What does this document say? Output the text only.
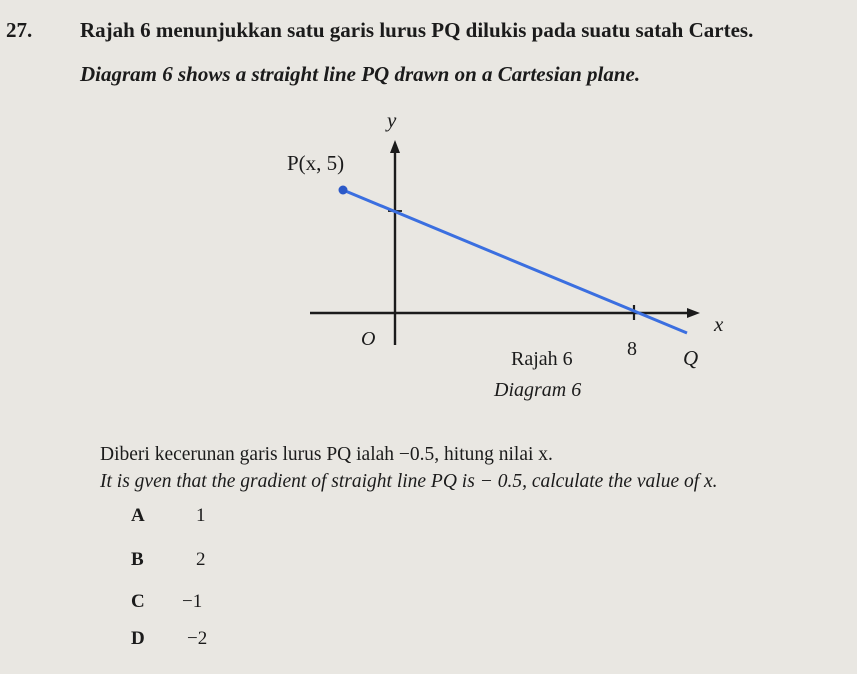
27. Rajah 6 menunjukkan satu garis lurus PQ dilukis pada suatu satah Cartes.
Diagram 6 shows a straight line PQ drawn on a Cartesian plane.
y
P(x, 5)
x
O	8 Q
Rajah 6
Diagram 6
Diberi kecerunan garis lurus PQ ialah −0.5, hitung nilai x.
It is gven that the gradient of straight line PQ is − 0.5, calculate the value of x.
A	1
B	2
C −1
D −2
